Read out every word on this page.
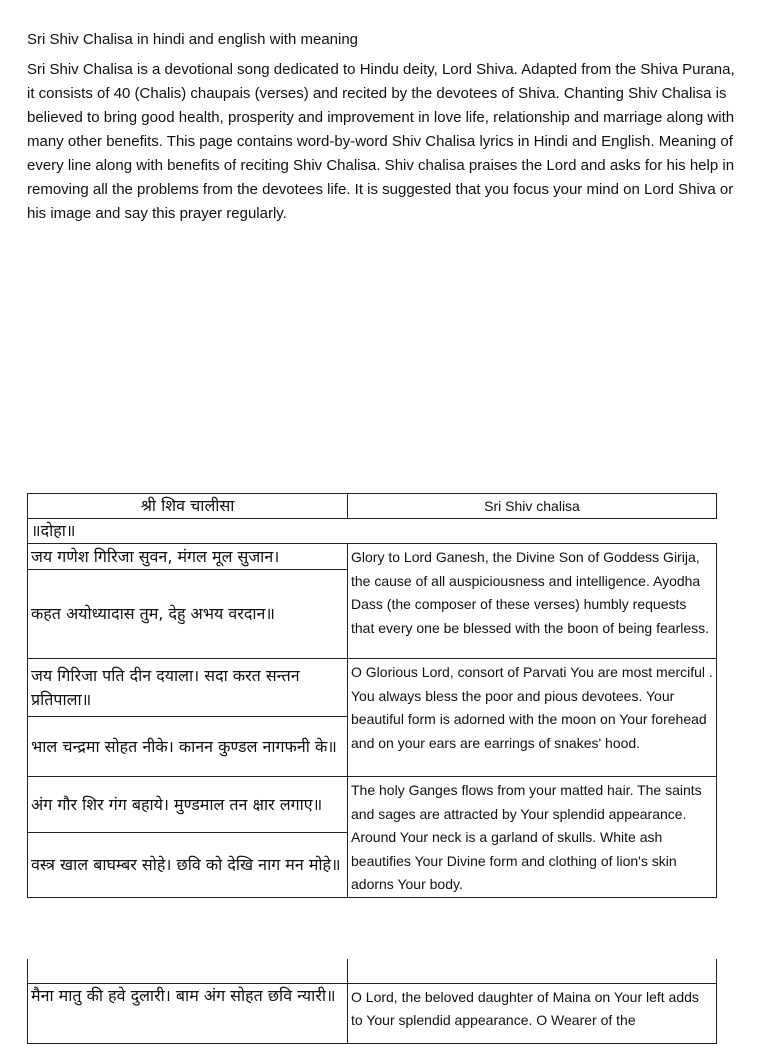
Sri Shiv Chalisa in hindi and english with meaning
Sri Shiv Chalisa is a devotional song dedicated to Hindu deity, Lord Shiva. Adapted from the Shiva Purana, it consists of 40 (Chalis) chaupais (verses) and recited by the devotees of Shiva. Chanting Shiv Chalisa is believed to bring good health, prosperity and improvement in love life, relationship and marriage along with many other benefits. This page contains word-by-word Shiv Chalisa lyrics in Hindi and English. Meaning of every line along with benefits of reciting Shiv Chalisa. Shiv chalisa praises the Lord and asks for his help in removing all the problems from the devotees life. It is suggested that you focus your mind on Lord Shiva or his image and say this prayer regularly.
श्री शिव चालीसा	Sri Shiv chalisa
॥दोहा॥	
जय गणेश गिरिजा सुवन, मंगल मूल सुजान।	Glory to Lord Ganesh, the Divine Son of Goddess Girija, the cause of all auspiciousness and intelligence. Ayodha Dass (the composer of these verses) humbly requests that every one be blessed with the boon of being fearless.
कहत अयोध्यादास तुम, देहु अभय वरदान॥	
जय गिरिजा पति दीन दयाला। सदा करत सन्तन प्रतिपाला॥	O Glorious Lord, consort of Parvati You are most merciful . You always bless the poor and pious devotees. Your beautiful form is adorned with the moon on Your forehead and on your ears are earrings of snakes' hood.
भाल चन्द्रमा सोहत नीके। कानन कुण्डल नागफनी के॥	
अंग गौर शिर गंग बहाये। मुण्डमाल तन क्षार लगाए॥	The holy Ganges flows from your matted hair. The saints and sages are attracted by Your splendid appearance. Around Your neck is a garland of skulls. White ash beautifies Your Divine form and clothing of lion's skin adorns Your body.
वस्त्र खाल बाघम्बर सोहे। छवि को देखि नाग मन मोहे॥	

मैना मातु की हवे दुलारी। बाम अंग सोहत छवि न्यारी॥	O Lord, the beloved daughter of Maina on Your left adds to Your splendid appearance. O Wearer of the
